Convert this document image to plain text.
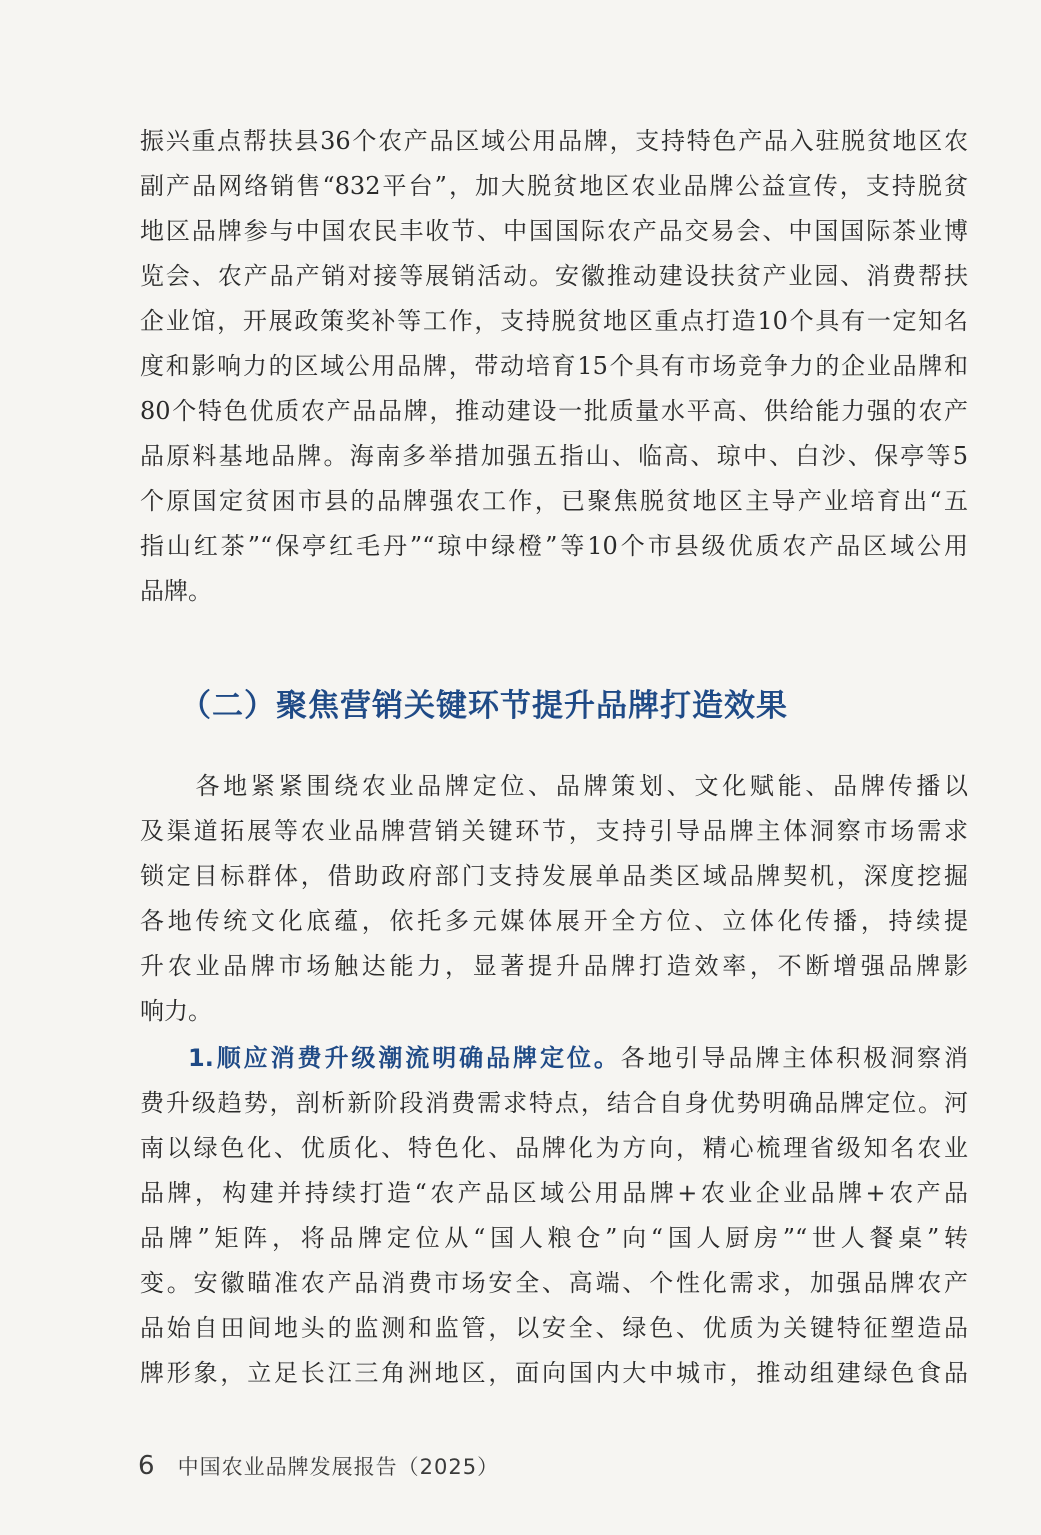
振兴重点帮扶县36个农产品区域公用品牌，支持特色产品入驻脱贫地区农
副产品网络销售“832平台”，加大脱贫地区农业品牌公益宣传，支持脱贫
地区品牌参与中国农民丰收节、中国国际农产品交易会、中国国际茶业博
览会、农产品产销对接等展销活动。安徽推动建设扶贫产业园、消费帮扶
企业馆，开展政策奖补等工作，支持脱贫地区重点打造10个具有一定知名
度和影响力的区域公用品牌，带动培育15个具有市场竞争力的企业品牌和
80个特色优质农产品品牌，推动建设一批质量水平高、供给能力强的农产
品原料基地品牌。海南多举措加强五指山、临高、琼中、白沙、保亭等5
个原国定贫困市县的品牌强农工作，已聚焦脱贫地区主导产业培育出“五
指山红茶”“保亭红毛丹”“琼中绿橙”等10个市县级优质农产品区域公用
品牌。
（二）聚焦营销关键环节提升品牌打造效果
　　各地紧紧围绕农业品牌定位、品牌策划、文化赋能、品牌传播以
及渠道拓展等农业品牌营销关键环节，支持引导品牌主体洞察市场需求
锁定目标群体，借助政府部门支持发展单品类区域品牌契机，深度挖掘
各地传统文化底蕴，依托多元媒体展开全方位、立体化传播，持续提
升农业品牌市场触达能力，显著提升品牌打造效率，不断增强品牌影
响力。
1.顺应消费升级潮流明确品牌定位。各地引导品牌主体积极洞察消
费升级趋势，剖析新阶段消费需求特点，结合自身优势明确品牌定位。河
南以绿色化、优质化、特色化、品牌化为方向，精心梳理省级知名农业
品牌，构建并持续打造“农产品区域公用品牌+农业企业品牌+农产品
品牌”矩阵，将品牌定位从“国人粮仓”向“国人厨房”“世人餐桌”转
变。安徽瞄准农产品消费市场安全、高端、个性化需求，加强品牌农产
品始自田间地头的监测和监管，以安全、绿色、优质为关键特征塑造品
牌形象，立足长江三角洲地区，面向国内大中城市，推动组建绿色食品
6 中国农业品牌发展报告（2025）
